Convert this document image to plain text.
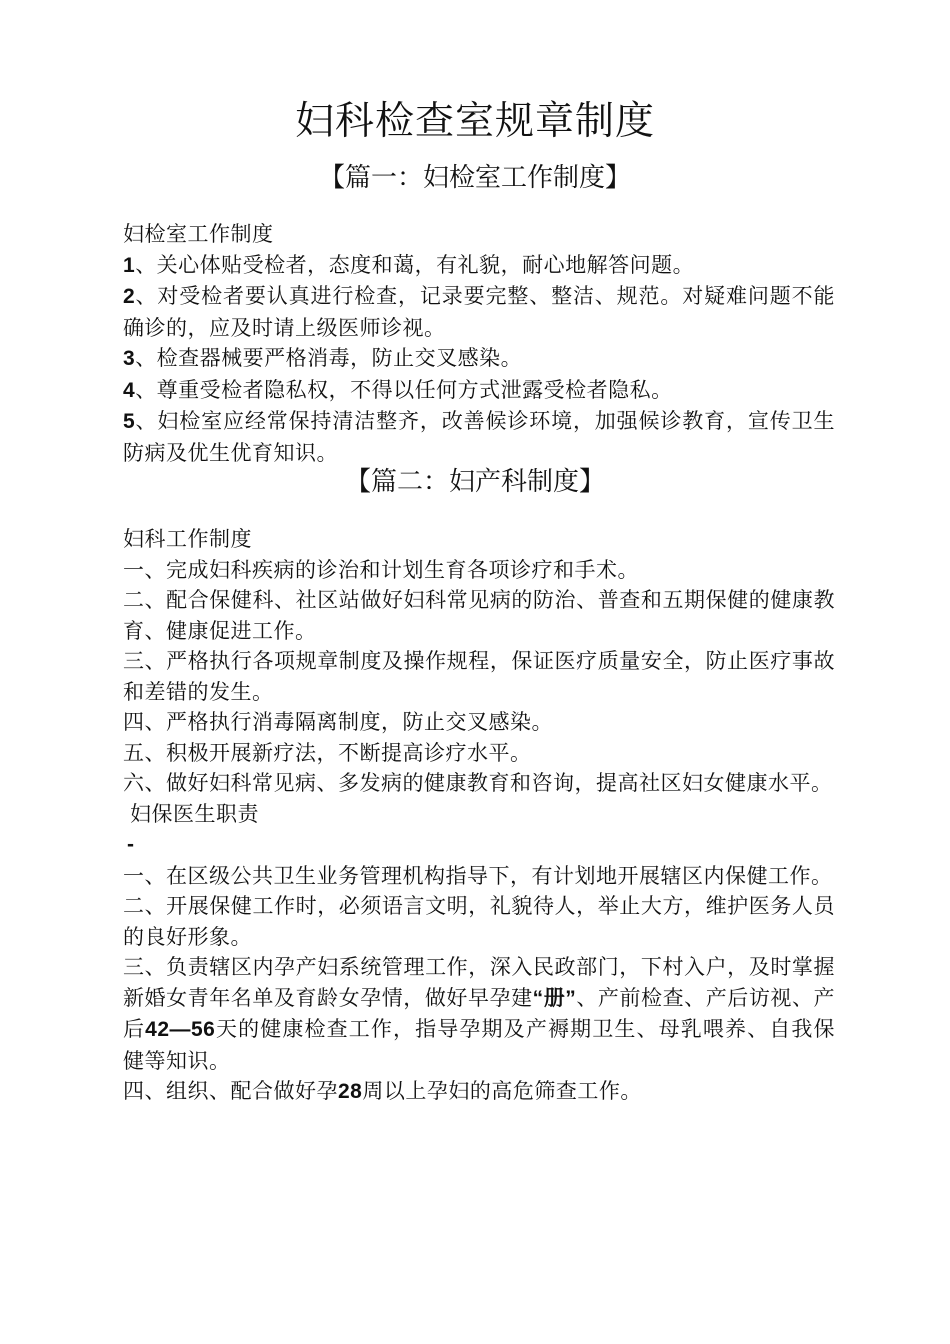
妇科检查室规章制度
【篇一：妇检室工作制度】

妇检室工作制度

1、关心体贴受检者，态度和蔼，有礼貌，耐心地解答问题。

2、对受检者要认真进行检查，记录要完整、整洁、规范。对疑难问题不能确诊的，应及时请上级医师诊视。

3、检查器械要严格消毒，防止交叉感染。

4、尊重受检者隐私权，不得以任何方式泄露受检者隐私。

5、妇检室应经常保持清洁整齐，改善候诊环境，加强候诊教育，宣传卫生防病及优生优育知识。

【篇二：妇产科制度】

妇科工作制度

一、完成妇科疾病的诊治和计划生育各项诊疗和手术。

二、配合保健科、社区站做好妇科常见病的防治、普查和五期保健的健康教育、健康促进工作。

三、严格执行各项规章制度及操作规程，保证医疗质量安全，防止医疗事故和差错的发生。

四、严格执行消毒隔离制度，防止交叉感染。

五、积极开展新疗法，不断提高诊疗水平。

六、做好妇科常见病、多发病的健康教育和咨询，提高社区妇女健康水平。

妇保医生职责

-

一、在区级公共卫生业务管理机构指导下，有计划地开展辖区内保健工作。

二、开展保健工作时，必须语言文明，礼貌待人，举止大方，维护医务人员的良好形象。

三、负责辖区内孕产妇系统管理工作，深入民政部门，下村入户，及时掌握新婚女青年名单及育龄女孕情，做好早孕建“册”、产前检查、产后访视、产后42—56天的健康检查工作，指导孕期及产褥期卫生、母乳喂养、自我保健等知识。

四、组织、配合做好孕28周以上孕妇的高危筛查工作。
